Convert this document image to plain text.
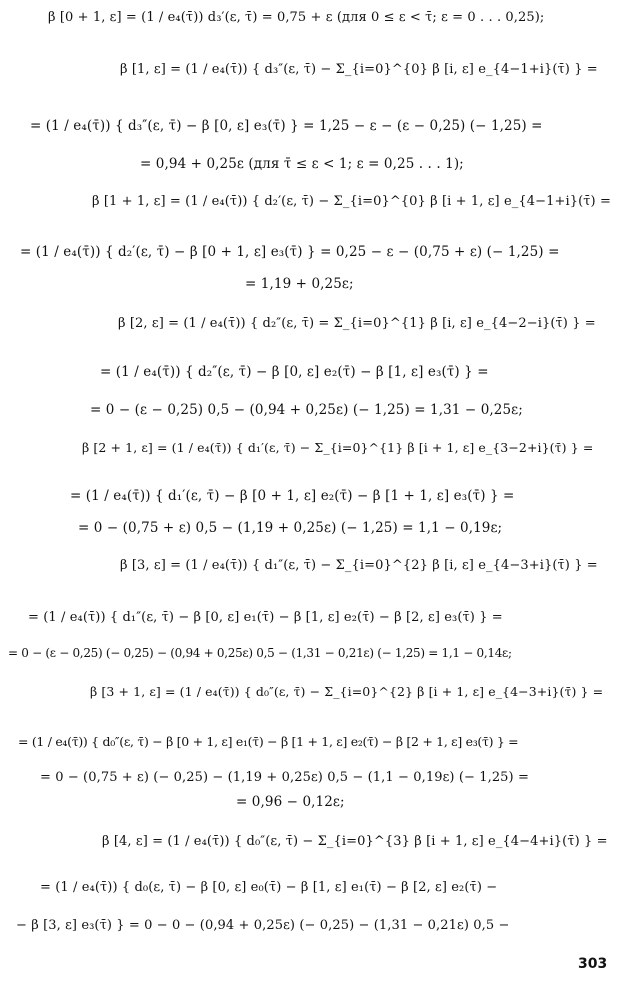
β [0 + 1, ε] = (1 / e₄(τ̄)) d₃′(ε, τ̄) = 0,75 + ε (для 0 ≤ ε < τ̄; ε = 0 . . . 0,25);
β [1, ε] = (1 / e₄(τ̄)) { d₃″(ε, τ̄) − Σ_{i=0}^{0} β [i, ε] e_{4−1+i}(τ̄) } =
= (1 / e₄(τ̄)) { d₃″(ε, τ̄) − β [0, ε] e₃(τ̄) } = 1,25 − ε − (ε − 0,25) (− 1,25) =
= 0,94 + 0,25ε (для τ̄ ≤ ε < 1; ε = 0,25 . . . 1);
β [1 + 1, ε] = (1 / e₄(τ̄)) { d₂′(ε, τ̄) − Σ_{i=0}^{0} β [i + 1, ε] e_{4−1+i}(τ̄) =
= (1 / e₄(τ̄)) { d₂′(ε, τ̄) − β [0 + 1, ε] e₃(τ̄) } = 0,25 − ε − (0,75 + ε) (− 1,25) =
= 1,19 + 0,25ε;
β [2, ε] = (1 / e₄(τ̄)) { d₂″(ε, τ̄) = Σ_{i=0}^{1} β [i, ε] e_{4−2−i}(τ̄) } =
= (1 / e₄(τ̄)) { d₂″(ε, τ̄) − β [0, ε] e₂(τ̄) − β [1, ε] e₃(τ̄) } =
= 0 − (ε − 0,25) 0,5 − (0,94 + 0,25ε) (− 1,25) = 1,31 − 0,25ε;
β [2 + 1, ε] = (1 / e₄(τ̄)) { d₁′(ε, τ̄) − Σ_{i=0}^{1} β [i + 1, ε] e_{3−2+i}(τ̄) } =
= (1 / e₄(τ̄)) { d₁′(ε, τ̄) − β [0 + 1, ε] e₂(τ̄) − β [1 + 1, ε] e₃(τ̄) } =
= 0 − (0,75 + ε) 0,5 − (1,19 + 0,25ε) (− 1,25) = 1,1 − 0,19ε;
β [3, ε] = (1 / e₄(τ̄)) { d₁″(ε, τ̄) − Σ_{i=0}^{2} β [i, ε] e_{4−3+i}(τ̄) } =
= (1 / e₄(τ̄)) { d₁″(ε, τ̄) − β [0, ε] e₁(τ̄) − β [1, ε] e₂(τ̄) − β [2, ε] e₃(τ̄) } =
= 0 − (ε − 0,25) (− 0,25) − (0,94 + 0,25ε) 0,5 − (1,31 − 0,21ε) (− 1,25) = 1,1 − 0,14ε;
β [3 + 1, ε] = (1 / e₄(τ̄)) { d₀″(ε, τ̄) − Σ_{i=0}^{2} β [i + 1, ε] e_{4−3+i}(τ̄) } =
= (1 / e₄(τ̄)) { d₀″(ε, τ̄) − β [0 + 1, ε] e₁(τ̄) − β [1 + 1, ε] e₂(τ̄) − β [2 + 1, ε] e₃(τ̄) } =
= 0 − (0,75 + ε) (− 0,25) − (1,19 + 0,25ε) 0,5 − (1,1 − 0,19ε) (− 1,25) =
= 0,96 − 0,12ε;
β [4, ε] = (1 / e₄(τ̄)) { d₀″(ε, τ̄) − Σ_{i=0}^{3} β [i + 1, ε] e_{4−4+i}(τ̄) } =
= (1 / e₄(τ̄)) { d₀(ε, τ̄) − β [0, ε] e₀(τ̄) − β [1, ε] e₁(τ̄) − β [2, ε] e₂(τ̄) −
− β [3, ε] e₃(τ̄) } = 0 − 0 − (0,94 + 0,25ε) (− 0,25) − (1,31 − 0,21ε) 0,5 −
303
